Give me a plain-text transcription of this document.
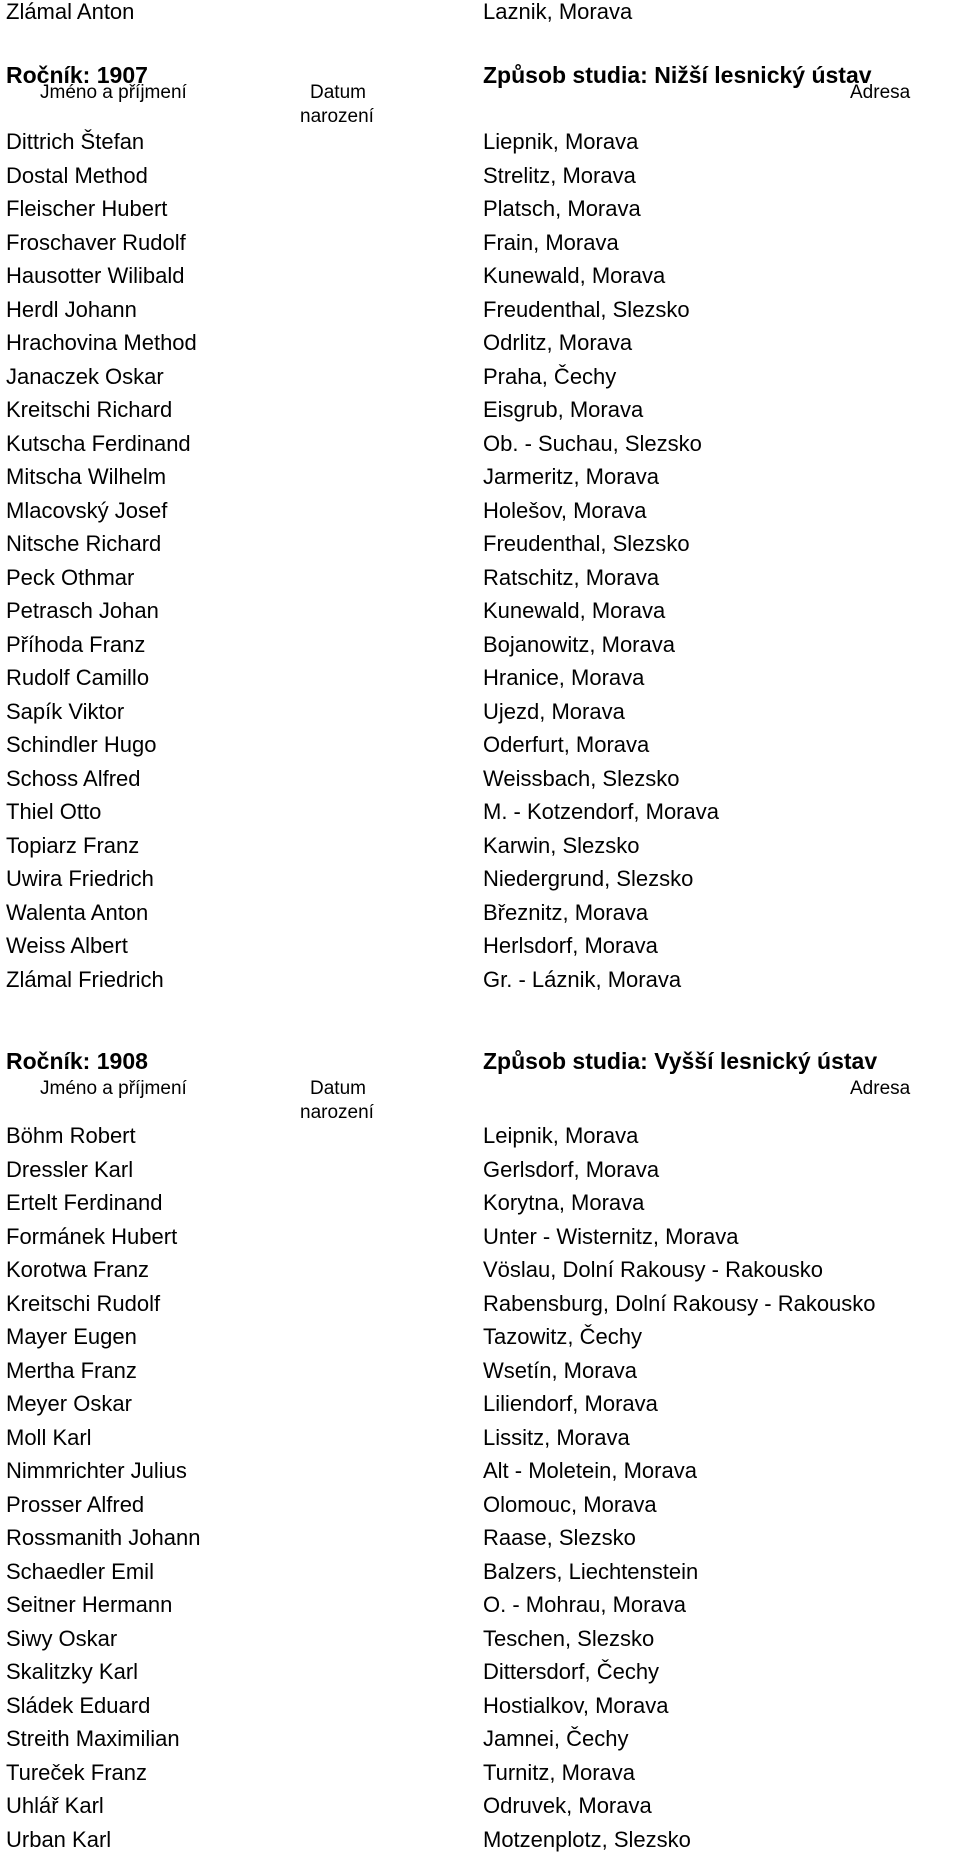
Zlámal Anton	Laznik, Morava
Ročník: 1907	Způsob studia: Nižší lesnický ústav
Jméno a příjmení	Datum
narození
Adresa
Dittrich Štefan	Liepnik, Morava
Dostal Method	Strelitz, Morava
Fleischer Hubert	Platsch, Morava
Froschaver Rudolf	Frain, Morava
Hausotter Wilibald	Kunewald, Morava
Herdl Johann	Freudenthal, Slezsko
Hrachovina Method	Odrlitz, Morava
Janaczek Oskar	Praha, Čechy
Kreitschi Richard	Eisgrub, Morava
Kutscha Ferdinand	Ob. - Suchau, Slezsko
Mitscha Wilhelm	Jarmeritz, Morava
Mlacovský Josef	Holešov, Morava
Nitsche Richard	Freudenthal, Slezsko
Peck Othmar	Ratschitz, Morava
Petrasch Johan	Kunewald, Morava
Příhoda Franz	Bojanowitz, Morava
Rudolf Camillo	Hranice, Morava
Sapík Viktor	Ujezd, Morava
Schindler Hugo	Oderfurt, Morava
Schoss Alfred	Weissbach, Slezsko
Thiel Otto	M. - Kotzendorf, Morava
Topiarz Franz	Karwin, Slezsko
Uwira Friedrich	Niedergrund, Slezsko
Walenta Anton	Březnitz, Morava
Weiss Albert	Herlsdorf, Morava
Zlámal Friedrich	Gr. - Láznik, Morava
Ročník: 1908	Způsob studia: Vyšší lesnický ústav
Jméno a příjmení	Datum
narození
Adresa
Böhm Robert	Leipnik, Morava
Dressler Karl	Gerlsdorf, Morava
Ertelt Ferdinand	Korytna, Morava
Formánek Hubert	Unter - Wisternitz, Morava
Korotwa Franz	Vöslau, Dolní Rakousy - Rakousko
Kreitschi Rudolf	Rabensburg, Dolní Rakousy - Rakousko
Mayer Eugen	Tazowitz, Čechy
Mertha Franz	Wsetín, Morava
Meyer Oskar	Liliendorf, Morava
Moll Karl	Lissitz, Morava
Nimmrichter Julius	Alt - Moletein, Morava
Prosser Alfred	Olomouc, Morava
Rossmanith Johann	Raase, Slezsko
Schaedler Emil	Balzers, Liechtenstein
Seitner Hermann	O. - Mohrau, Morava
Siwy Oskar	Teschen, Slezsko
Skalitzky Karl	Dittersdorf, Čechy
Sládek Eduard	Hostialkov, Morava
Streith Maximilian	Jamnei, Čechy
Tureček Franz	Turnitz, Morava
Uhlář Karl	Odruvek, Morava
Urban Karl	Motzenplotz, Slezsko
